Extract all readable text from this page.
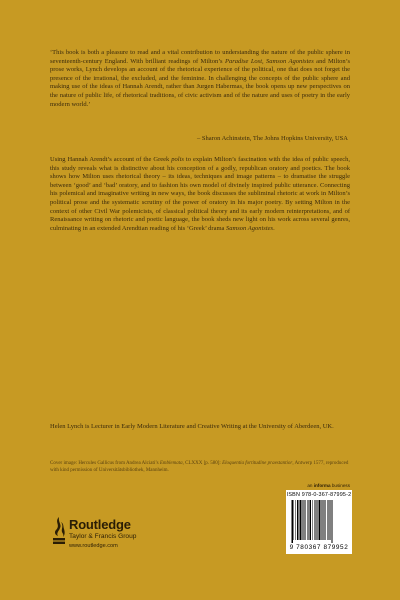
‘This book is both a pleasure to read and a vital contribution to understanding the nature of the public sphere in seventeenth-century England. With brilliant readings of Milton’s Paradise Lost, Samson Agonistes and Milton’s prose works, Lynch develops an account of the rhetorical experience of the political, one that does not forget the presence of the irrational, the excluded, and the feminine. In challenging the concepts of the public sphere and making use of the ideas of Hannah Arendt, rather than Jurgen Habermas, the book opens up new perspectives on the nature of public life, of rhetorical traditions, of civic activism and of the nature and uses of poetry in the early modern world.’

– Sharon Achinstein, The Johns Hopkins University, USA

Using Hannah Arendt’s account of the Greek polis to explain Milton’s fascination with the idea of public speech, this study reveals what is distinctive about his conception of a godly, republican oratory and poetics. The book shows how Milton uses rhetorical theory – its ideas, techniques and image patterns – to dramatise the struggle between ‘good’ and ‘bad’ oratory, and to fashion his own model of divinely inspired public utterance. Connecting his polemical and imaginative writing in new ways, the book discusses the subliminal rhetoric at work in Milton’s political prose and the systematic scrutiny of the power of oratory in his major poetry. By setting Milton in the context of other Civil War polemicists, of classical political theory and its early modern reinterpretations, and of Renaissance writing on rhetoric and poetic language, the book sheds new light on his work across several genres, culminating in an extended Arendtian reading of his ‘Greek’ drama Samson Agonistes.

Helen Lynch is Lecturer in Early Modern Literature and Creative Writing at the University of Aberdeen, UK.

Cover image: Hercules Gallicus from Andrea Alciati’s Emblemata, CLXXX [p. 580]: Eloquentia fortitudine praestantior, Antwerp 1577, reproduced with kind permission of Universitätsbibliothek, Mannheim.
an informa business
ISBN 978-0-367-87995-2
9 780367 879952
Routledge
Taylor & Francis Group
www.routledge.com
